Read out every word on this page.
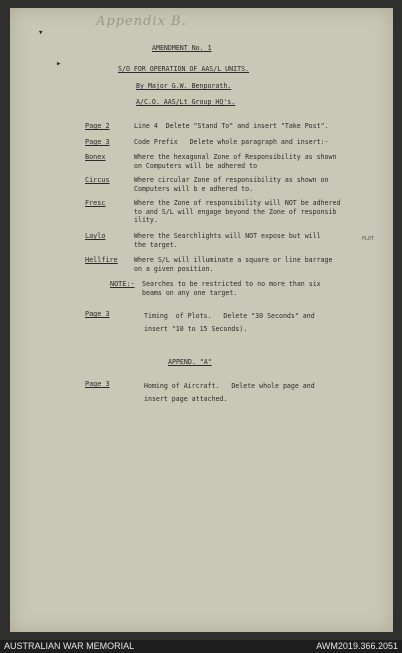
Appendix B.
▾
▸
AMENDMENT No. 1
S/O FOR OPERATION OF AAS/L UNITS.
By Major G.W. Benporath.
A/C.O. AAS/Lt Group HQ's.
Page 2	Line 4  Delete "Stand To" and insert "Take Post".
Page 3	Code Prefix   Delete whole paragraph and insert:-
Bonex	Where the hexagonal Zone of Responsibility as shown
on Computers will be adhered to
Circus	Where circular Zone of responsibility as shown on
Computers will b e adhered to.
Fresc	Where the Zone of responsibility will NOT be adhered
to and S/L will engage beyond the Zone of responsib
ility.
Laylo	Where the Searchlights will NOT expose but will
the target.
PLOT
Hellfire Where S/L will illuminate a square or line barrage
on a given position.
NOTE:- Searches to be restricted to no more than six
beams on any one target.
Page 3	Timing  of Plots.   Delete "30 Seconds" and
insert "10 to 15 Seconds).
APPEND. "A"
Page 3	Homing of Aircraft.   Delete whole page and
insert page attached.
AUSTRALIAN WAR MEMORIAL	AWM2019.366.2051
